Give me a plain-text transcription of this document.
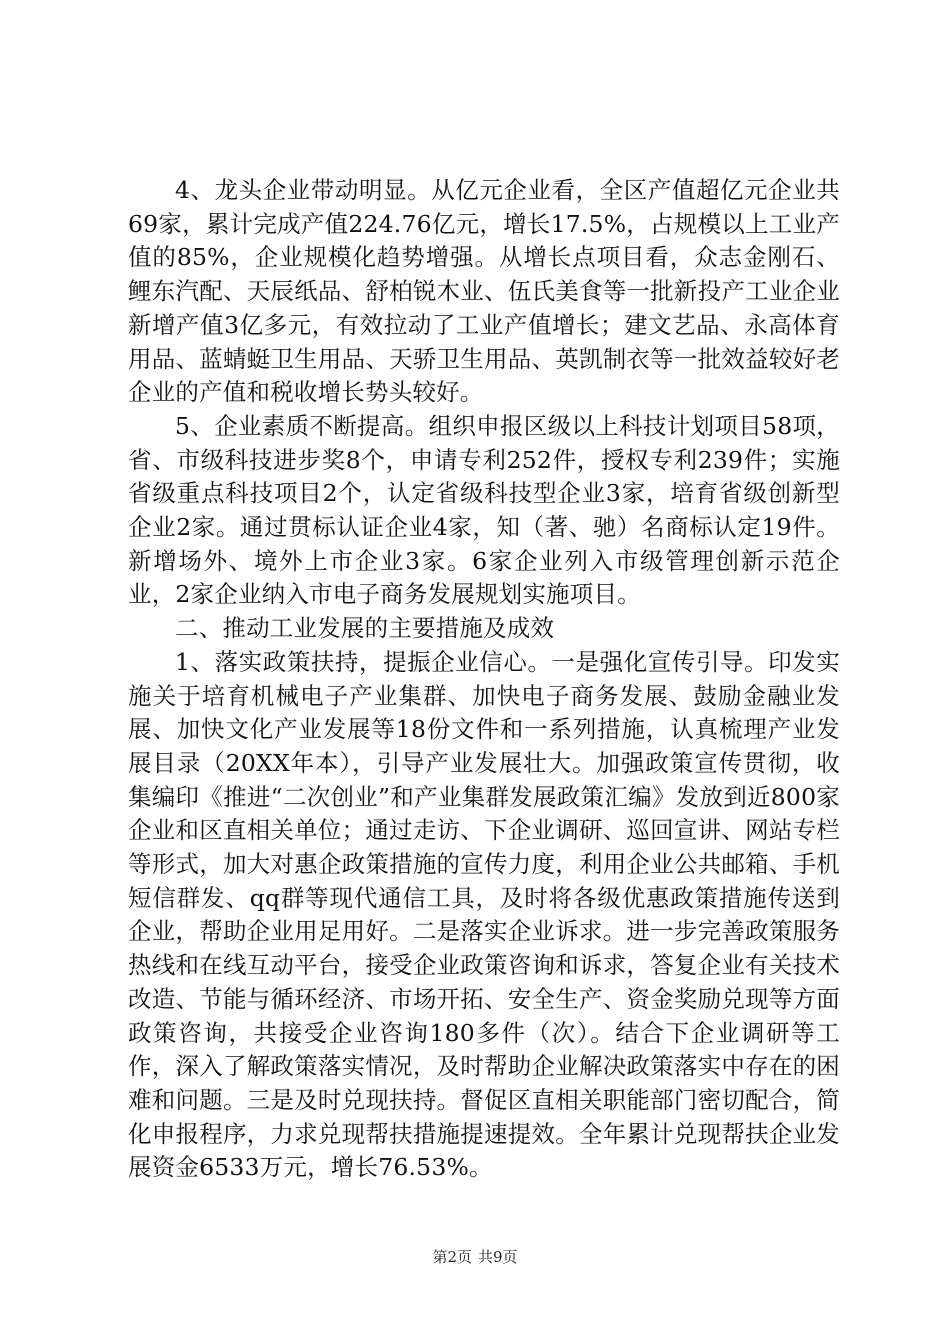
4、龙头企业带动明显。从亿元企业看，全区产值超亿元企业共69家，累计完成产值224.76亿元，增长17.5%，占规模以上工业产值的85%，企业规模化趋势增强。从增长点项目看，众志金刚石、鲤东汽配、天辰纸品、舒柏锐木业、伍氏美食等一批新投产工业企业新增产值3亿多元，有效拉动了工业产值增长；建文艺品、永高体育用品、蓝蜻蜓卫生用品、天骄卫生用品、英凯制衣等一批效益较好老企业的产值和税收增长势头较好。

5、企业素质不断提高。组织申报区级以上科技计划项目58项，省、市级科技进步奖8个，申请专利252件，授权专利239件；实施省级重点科技项目2个，认定省级科技型企业3家，培育省级创新型企业2家。通过贯标认证企业4家，知（著、驰）名商标认定19件。新增场外、境外上市企业3家。6家企业列入市级管理创新示范企业，2家企业纳入市电子商务发展规划实施项目。

二、推动工业发展的主要措施及成效

1、落实政策扶持，提振企业信心。一是强化宣传引导。印发实施关于培育机械电子产业集群、加快电子商务发展、鼓励金融业发展、加快文化产业发展等18份文件和一系列措施，认真梳理产业发展目录（20XX年本），引导产业发展壮大。加强政策宣传贯彻，收集编印《推进“二次创业”和产业集群发展政策汇编》发放到近800家企业和区直相关单位；通过走访、下企业调研、巡回宣讲、网站专栏等形式，加大对惠企政策措施的宣传力度，利用企业公共邮箱、手机短信群发、qq群等现代通信工具，及时将各级优惠政策措施传送到企业，帮助企业用足用好。二是落实企业诉求。进一步完善政策服务热线和在线互动平台，接受企业政策咨询和诉求，答复企业有关技术改造、节能与循环经济、市场开拓、安全生产、资金奖励兑现等方面政策咨询，共接受企业咨询180多件（次）。结合下企业调研等工作，深入了解政策落实情况，及时帮助企业解决政策落实中存在的困难和问题。三是及时兑现扶持。督促区直相关职能部门密切配合，简化申报程序，力求兑现帮扶措施提速提效。全年累计兑现帮扶企业发展资金6533万元，增长76.53%。

第2页 共9页
